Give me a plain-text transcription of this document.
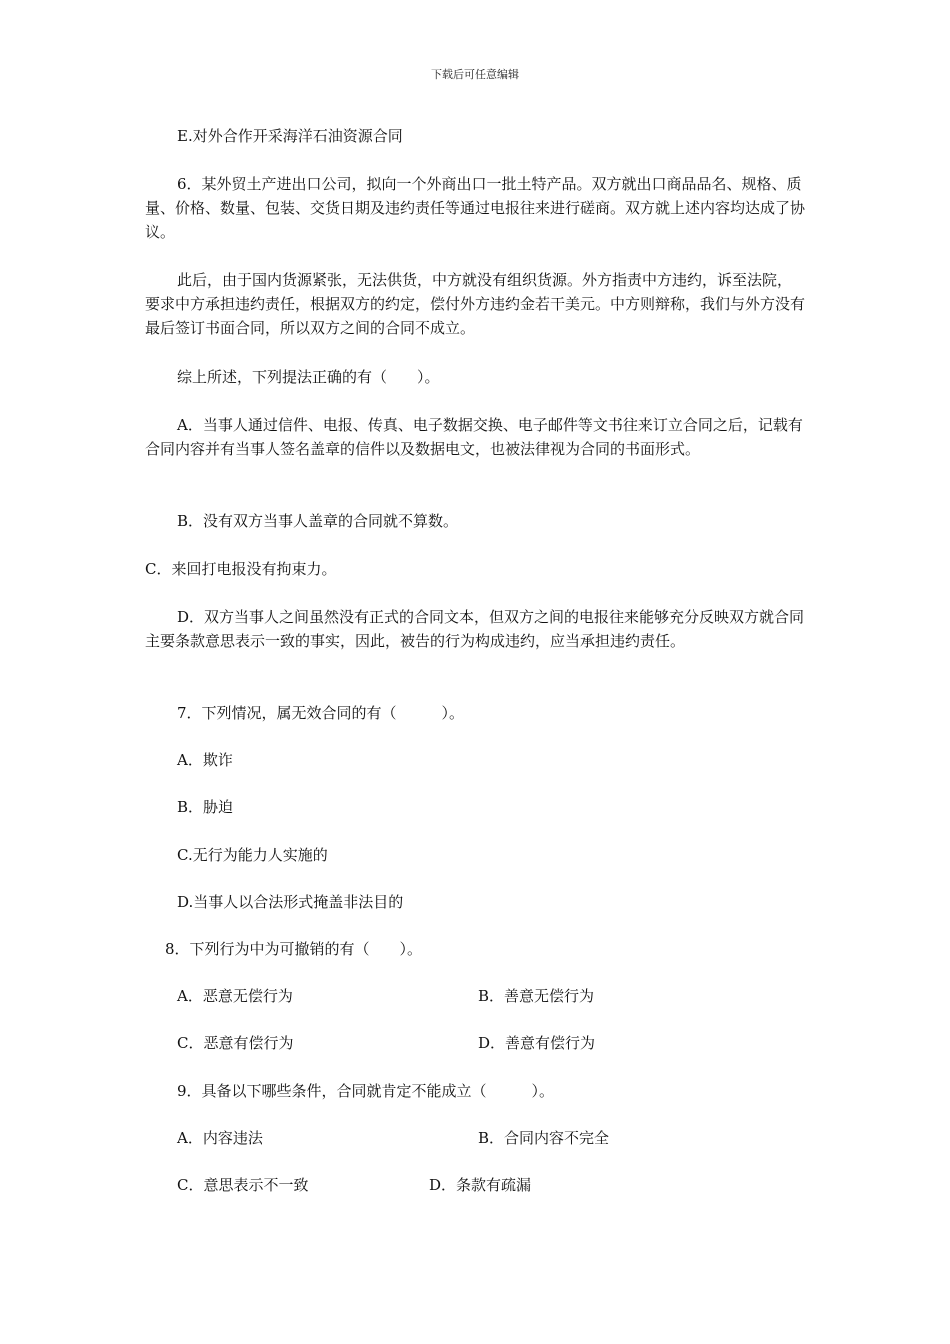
下载后可任意编辑
E.对外合作开采海洋石油资源合同
6．某外贸土产进出口公司，拟向一个外商出口一批土特产品。双方就出口商品品名、规格、质量、价格、数量、包装、交货日期及违约责任等通过电报往来进行磋商。双方就上述内容均达成了协议。
此后，由于国内货源紧张，无法供货，中方就没有组织货源。外方指责中方违约，诉至法院，要求中方承担违约责任，根据双方的约定，偿付外方违约金若干美元。中方则辩称，我们与外方没有最后签订书面合同，所以双方之间的合同不成立。
综上所述，下列提法正确的有（　　）。
A．当事人通过信件、电报、传真、电子数据交换、电子邮件等文书往来订立合同之后，记载有合同内容并有当事人签名盖章的信件以及数据电文，也被法律视为合同的书面形式。
B．没有双方当事人盖章的合同就不算数。
C．来回打电报没有拘束力。
D．双方当事人之间虽然没有正式的合同文本，但双方之间的电报往来能够充分反映双方就合同主要条款意思表示一致的事实，因此，被告的行为构成违约，应当承担违约责任。
7．下列情况，属无效合同的有（　　　）。
A．欺诈
B．胁迫
C.无行为能力人实施的
D.当事人以合法形式掩盖非法目的
8．下列行为中为可撤销的有（　　）。
A．恶意无偿行为	B．善意无偿行为
C．恶意有偿行为	D．善意有偿行为
9．具备以下哪些条件，合同就肯定不能成立（　　　）。
A．内容违法	B．合同内容不完全
C．意思表示不一致	D．条款有疏漏
